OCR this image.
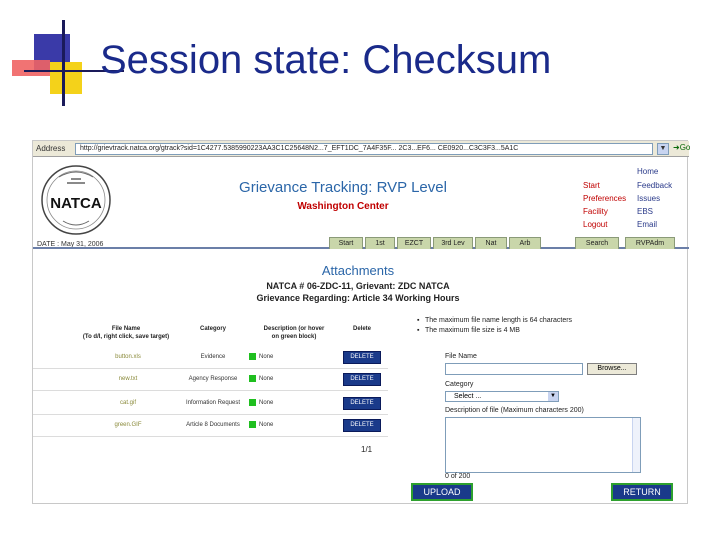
Session state: Checksum
Address	http://grievtrack.natca.org/gtrack?sid=1C4277.5385990223AA3C1C25648N2...7_EFT1DC_7A4F35F... 2C3...EF6... CE0920...C3C3F3...5A1C	▼ ➜Go
NATCA
DATE : May 31, 2006
Grievance Tracking: RVP Level
Washington Center
Home
Start
Preferences
Facility
Logout
Feedback
Issues
EBS
Email
Start	1st	EZCT	3rd Lev	Nat	Arb	Search	RVPAdm
Attachments
NATCA # 06-ZDC-11, Grievant: ZDC NATCA
Grievance Regarding: Article 34 Working Hours
File Name
(To d/l, right click, save target)
Category	Description (or hover
on green block)
Delete
button.xls	Evidence	None	DELETE
new.txt	Agency Response	None	DELETE
cat.gif	Information Request	None	DELETE
green.GIF	Article 8 Documents	None	DELETE
1/1
▪ The maximum file name length is 64 characters
▪ The maximum file size is 4 MB
File Name
Browse...
Category
Select ...	▼
Description of file (Maximum characters 200)
0 of 200
UPLOAD	RETURN
